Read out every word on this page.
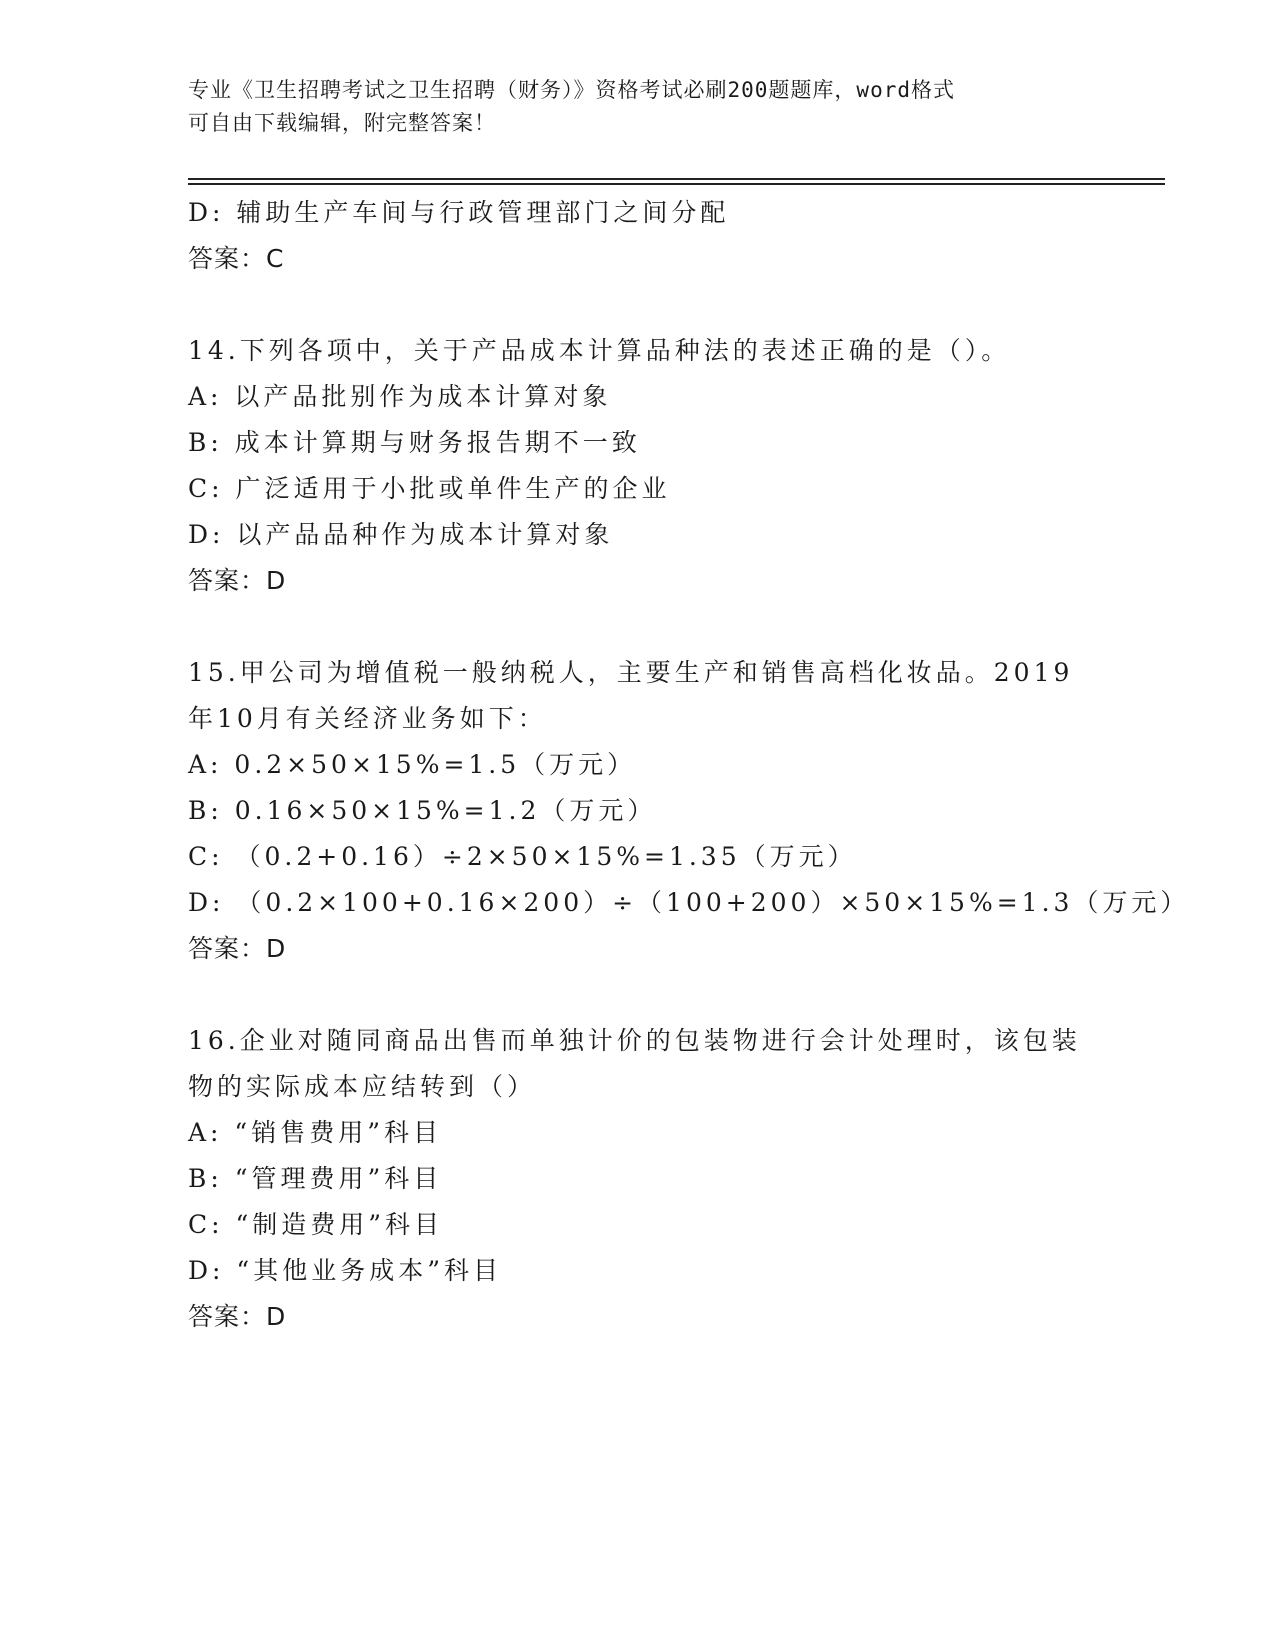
专业《卫生招聘考试之卫生招聘（财务）》资格考试必刷200题题库，word格式
可自由下载编辑，附完整答案！
D: 辅助生产车间与行政管理部门之间分配
答案：C
14.下列各项中，关于产品成本计算品种法的表述正确的是（）。
A: 以产品批别作为成本计算对象
B: 成本计算期与财务报告期不一致
C: 广泛适用于小批或单件生产的企业
D: 以产品品种作为成本计算对象
答案：D
15.甲公司为增值税一般纳税人，主要生产和销售高档化妆品。2019
年10月有关经济业务如下：
A: 0.2×50×15%=1.5（万元）
B: 0.16×50×15%=1.2（万元）
C: （0.2+0.16）÷2×50×15%=1.35（万元）
D: （0.2×100+0.16×200）÷（100+200）×50×15%=1.3（万元）
答案：D
16.企业对随同商品出售而单独计价的包装物进行会计处理时，该包装
物的实际成本应结转到（）
A: “销售费用”科目
B: “管理费用”科目
C: “制造费用”科目
D: “其他业务成本”科目
答案：D
